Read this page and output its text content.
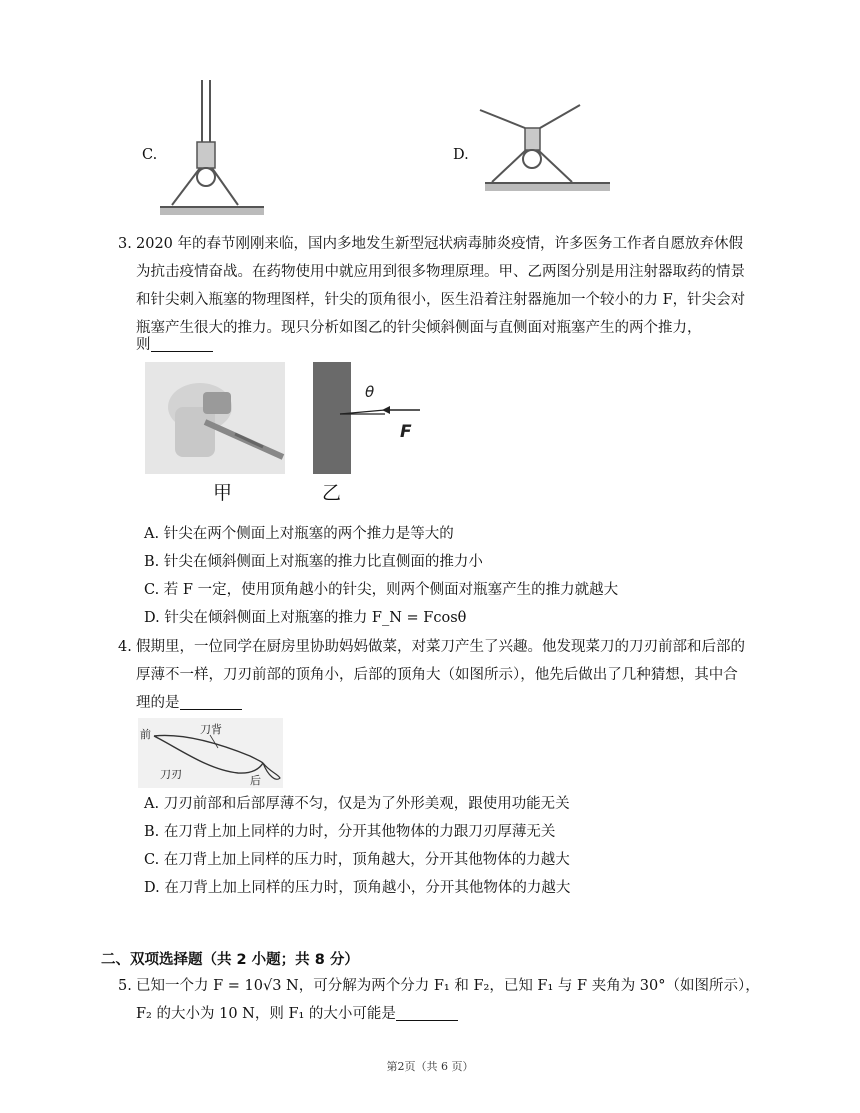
C.	D.
3. 2020 年的春节刚刚来临，国内多地发生新型冠状病毒肺炎疫情，许多医务工作者自愿放弃休假
为抗击疫情奋战。在药物使用中就应用到很多物理原理。甲、乙两图分别是用注射器取药的情景
和针尖刺入瓶塞的物理图样，针尖的顶角很小，医生沿着注射器施加一个较小的力 F，针尖会对
瓶塞产生很大的推力。现只分析如图乙的针尖倾斜侧面与直侧面对瓶塞产生的两个推力，
则
甲
θ
F
乙
A. 针尖在两个侧面上对瓶塞的两个推力是等大的
B. 针尖在倾斜侧面上对瓶塞的推力比直侧面的推力小
C. 若 F 一定，使用顶角越小的针尖，则两个侧面对瓶塞产生的推力就越大
D. 针尖在倾斜侧面上对瓶塞的推力 F_N = Fcosθ
4. 假期里，一位同学在厨房里协助妈妈做菜，对菜刀产生了兴趣。他发现菜刀的刀刃前部和后部的
厚薄不一样，刀刃前部的顶角小，后部的顶角大（如图所示），他先后做出了几种猜想，其中合
理的是
前	刀背
刀刃	后
A. 刀刃前部和后部厚薄不匀，仅是为了外形美观，跟使用功能无关
B. 在刀背上加上同样的力时，分开其他物体的力跟刀刃厚薄无关
C. 在刀背上加上同样的压力时，顶角越大，分开其他物体的力越大
D. 在刀背上加上同样的压力时，顶角越小，分开其他物体的力越大
二、双项选择题（共 2 小题；共 8 分）
5. 已知一个力 F = 10√3 N，可分解为两个分力 F₁ 和 F₂，已知 F₁ 与 F 夹角为 30°（如图所示），
F₂ 的大小为 10 N，则 F₁ 的大小可能是
第2页（共 6 页）
